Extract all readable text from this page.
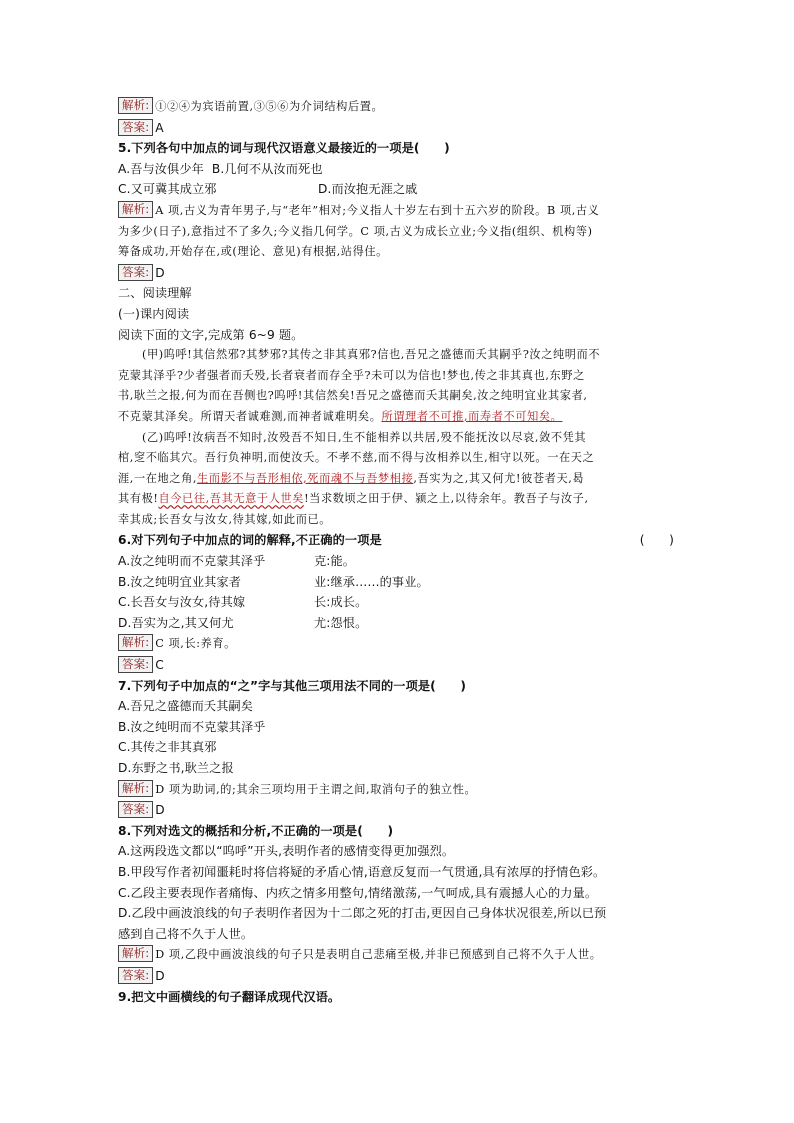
解析: ①②④为宾语前置,③⑤⑥为介词结构后置。
答案: A
5.下列各句中加点的词与现代汉语意义最接近的一项是(　　)
A.吾与汝俱少年 B.几何不从汝而死也
C.又可冀其成立邪	D.而汝抱无涯之戚
解析: A 项,古义为青年男子,与“老年”相对;今义指人十岁左右到十五六岁的阶段。B 项,古义
为多少(日子),意指过不了多久;今义指几何学。C 项,古义为成长立业;今义指(组织、机构等)
筹备成功,开始存在,或(理论、意见)有根据,站得住。
答案: D
二、阅读理解
(一)课内阅读
阅读下面的文字,完成第 6~9 题。
(甲)呜呼!其信然邪?其梦邪?其传之非其真邪?信也,吾兄之盛德而夭其嗣乎?汝之纯明而不
克蒙其泽乎?少者强者而夭殁,长者衰者而存全乎?未可以为信也!梦也,传之非其真也,东野之
书,耿兰之报,何为而在吾侧也?呜呼!其信然矣!吾兄之盛德而夭其嗣矣,汝之纯明宜业其家者,
不克蒙其泽矣。所谓天者诚难测,而神者诚难明矣。所谓理者不可推,而寿者不可知矣。
(乙)呜呼!汝病吾不知时,汝殁吾不知日,生不能相养以共居,殁不能抚汝以尽哀,敛不凭其
棺,窆不临其穴。吾行负神明,而使汝夭。不孝不慈,而不得与汝相养以生,相守以死。一在天之
涯,一在地之角,生而影不与吾形相依,死而魂不与吾梦相接,吾实为之,其又何尤!彼苍者天,曷
其有极!自今已往,吾其无意于人世矣!当求数顷之田于伊、颍之上,以待余年。教吾子与汝子,
幸其成;长吾女与汝女,待其嫁,如此而已。
6.对下列句子中加点的词的解释,不正确的一项是	(　　)
A.汝之纯明而不克蒙其泽乎	克:能。
B.汝之纯明宜业其家者	业:继承……的事业。
C.长吾女与汝女,待其嫁	长:成长。
D.吾实为之,其又何尤	尤:怨恨。
解析: C 项,长:养育。
答案: C
7.下列句子中加点的“之”字与其他三项用法不同的一项是(　　)
A.吾兄之盛德而夭其嗣矣
B.汝之纯明而不克蒙其泽乎
C.其传之非其真邪
D.东野之书,耿兰之报
解析: D 项为助词,的;其余三项均用于主谓之间,取消句子的独立性。
答案: D
8.下列对选文的概括和分析,不正确的一项是(　　)
A.这两段选文都以“呜呼”开头,表明作者的感情变得更加强烈。
B.甲段写作者初闻噩耗时将信将疑的矛盾心情,语意反复而一气贯通,具有浓厚的抒情色彩。
C.乙段主要表现作者痛悔、内疚之情多用整句,情绪激荡,一气呵成,具有震撼人心的力量。
D.乙段中画波浪线的句子表明作者因为十二郎之死的打击,更因自己身体状况很差,所以已预
感到自己将不久于人世。
解析: D 项,乙段中画波浪线的句子只是表明自己悲痛至极,并非已预感到自己将不久于人世。
答案: D
9.把文中画横线的句子翻译成现代汉语。
